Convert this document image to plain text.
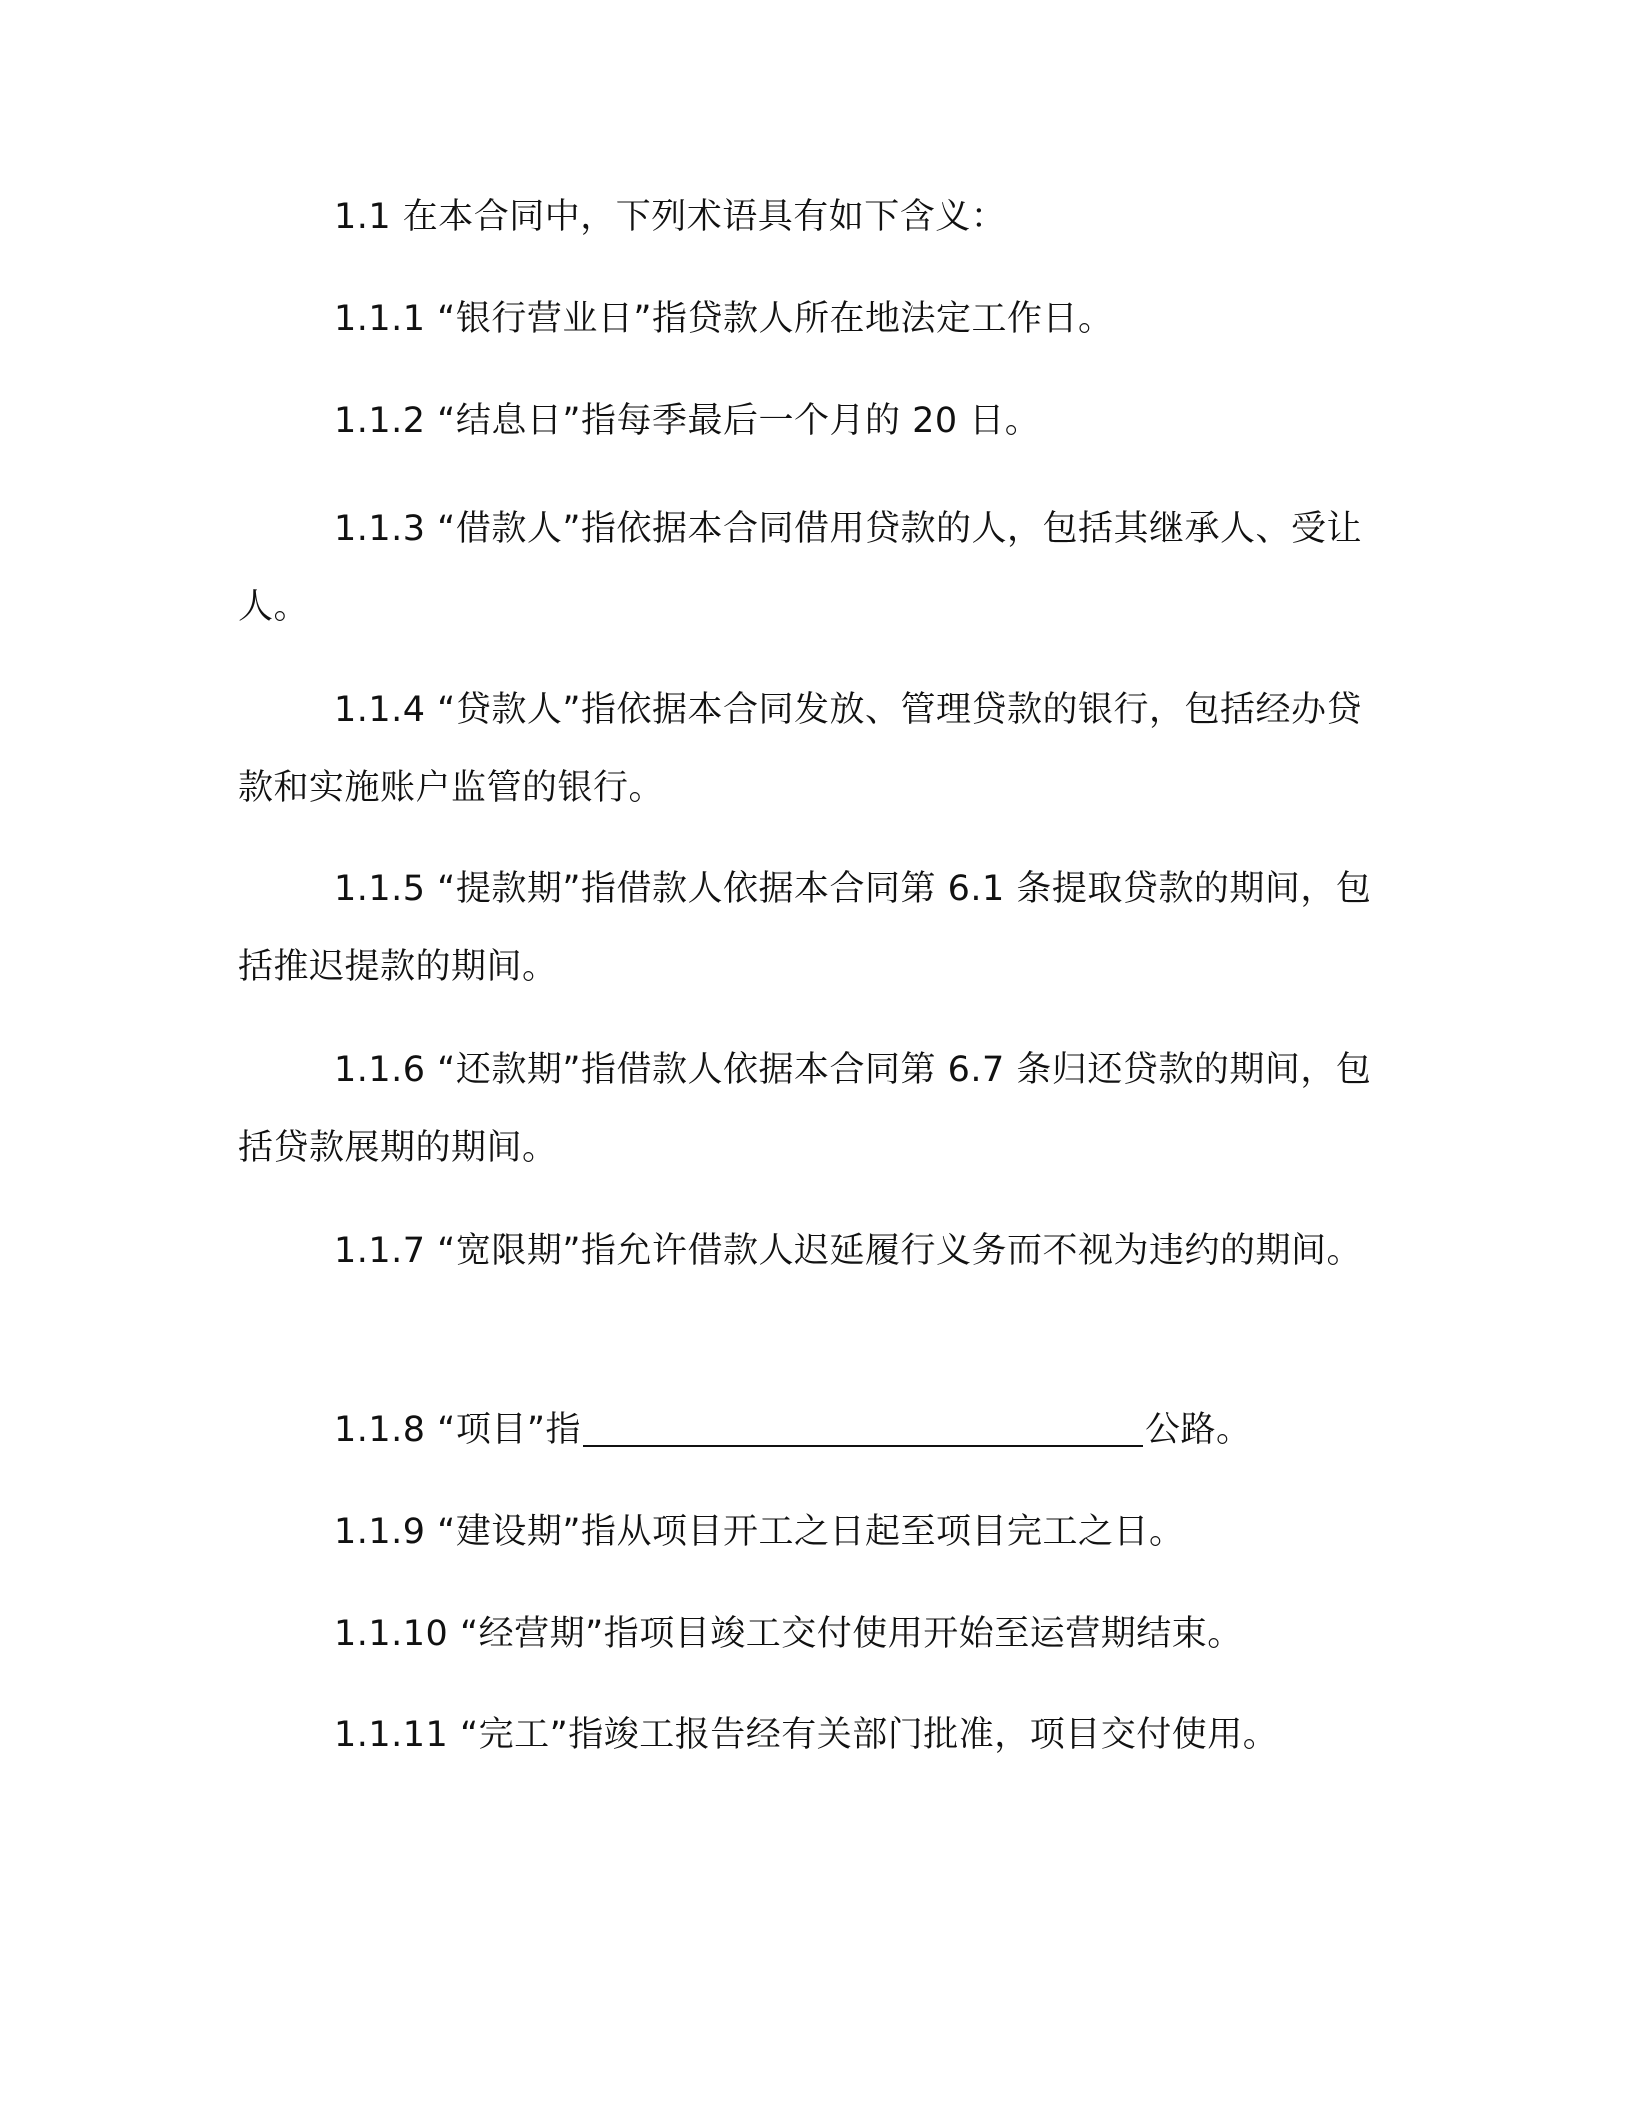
1.1 在本合同中，下列术语具有如下含义：

1.1.1 “银行营业日”指贷款人所在地法定工作日。

1.1.2 “结息日”指每季最后一个月的 20 日。

1.1.3 “借款人”指依据本合同借用贷款的人，包括其继承人、受让人。

1.1.4 “贷款人”指依据本合同发放、管理贷款的银行，包括经办贷款和实施账户监管的银行。

1.1.5 “提款期”指借款人依据本合同第 6.1 条提取贷款的期间，包括推迟提款的期间。

1.1.6 “还款期”指借款人依据本合同第 6.7 条归还贷款的期间，包括贷款展期的期间。

1.1.7 “宽限期”指允许借款人迟延履行义务而不视为违约的期间。

1.1.8 “项目”指	公路。

1.1.9 “建设期”指从项目开工之日起至项目完工之日。

1.1.10 “经营期”指项目竣工交付使用开始至运营期结束。

1.1.11 “完工”指竣工报告经有关部门批准，项目交付使用。
